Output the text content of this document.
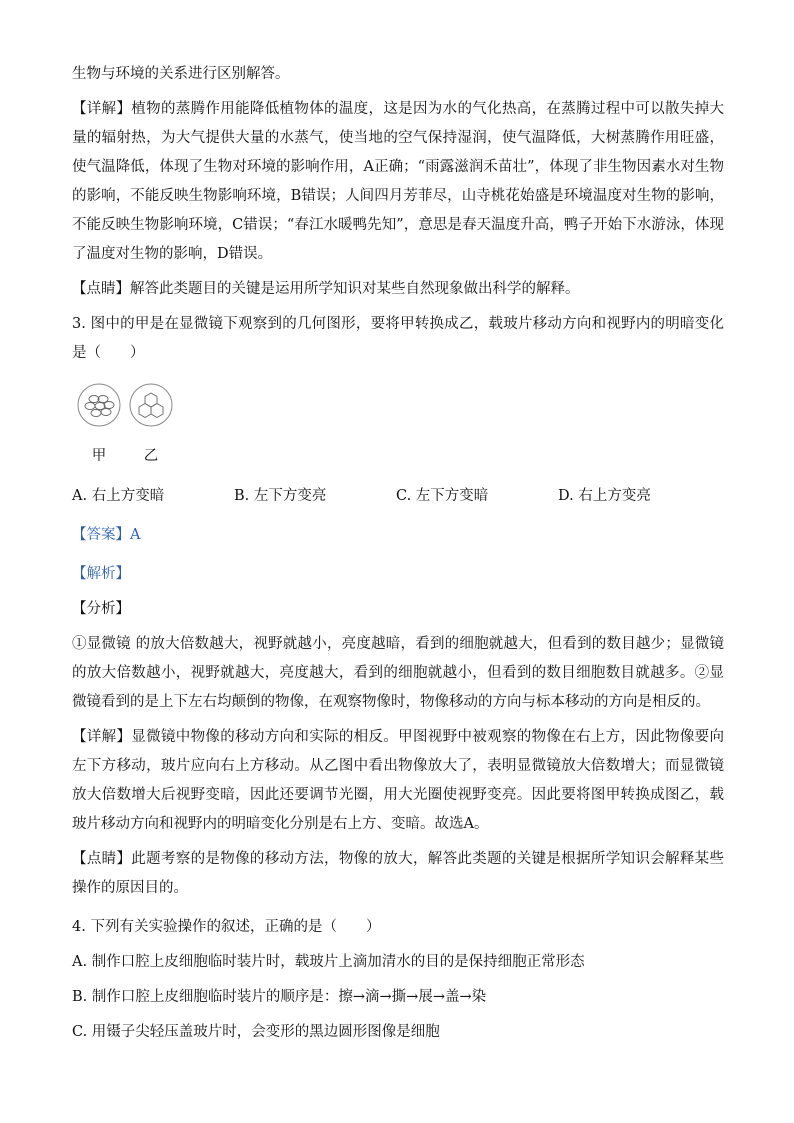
生物与环境的关系进行区别解答。

【详解】植物的蒸腾作用能降低植物体的温度，这是因为水的气化热高，在蒸腾过程中可以散失掉大量的辐射热，为大气提供大量的水蒸气，使当地的空气保持湿润，使气温降低，大树蒸腾作用旺盛，使气温降低，体现了生物对环境的影响作用，A正确；“雨露滋润禾苗壮”，体现了非生物因素水对生物的影响，不能反映生物影响环境，B错误；人间四月芳菲尽，山寺桃花始盛是环境温度对生物的影响，不能反映生物影响环境，C错误；“春江水暖鸭先知”，意思是春天温度升高，鸭子开始下水游泳，体现了温度对生物的影响，D错误。

【点睛】解答此类题目的关键是运用所学知识对某些自然现象做出科学的解释。

3. 图中的甲是在显微镜下观察到的几何图形，要将甲转换成乙，载玻片移动方向和视野内的明暗变化是（　　）

甲	乙
A. 右上方变暗	B. 左下方变亮	C. 左下方变暗	D. 右上方变亮

【答案】A

【解析】

【分析】

①显微镜 的放大倍数越大，视野就越小，亮度越暗，看到的细胞就越大，但看到的数目越少；显微镜的放大倍数越小，视野就越大，亮度越大，看到的细胞就越小，但看到的数目细胞数目就越多。②显微镜看到的是上下左右均颠倒的物像，在观察物像时，物像移动的方向与标本移动的方向是相反的。

【详解】显微镜中物像的移动方向和实际的相反。甲图视野中被观察的物像在右上方，因此物像要向左下方移动，玻片应向右上方移动。从乙图中看出物像放大了，表明显微镜放大倍数增大；而显微镜放大倍数增大后视野变暗，因此还要调节光圈，用大光圈使视野变亮。因此要将图甲转换成图乙，载玻片移动方向和视野内的明暗变化分别是右上方、变暗。故选A。

【点睛】此题考察的是物像的移动方法，物像的放大，解答此类题的关键是根据所学知识会解释某些操作的原因目的。

4. 下列有关实验操作的叙述，正确的是（　　）

A. 制作口腔上皮细胞临时装片时，载玻片上滴加清水的目的是保持细胞正常形态

B. 制作口腔上皮细胞临时装片的顺序是：擦→滴→撕→展→盖→染

C. 用镊子尖轻压盖玻片时，会变形的黑边圆形图像是细胞
